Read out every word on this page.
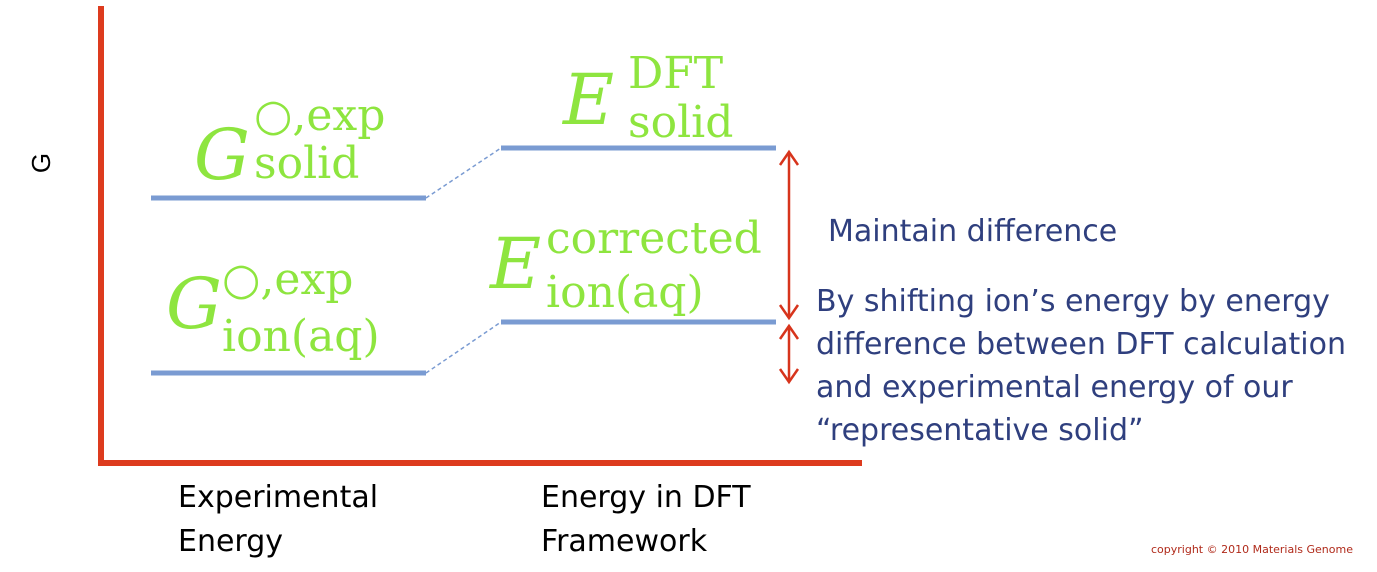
G ○,exp solid
G ○,exp ion(aq)
E DFT solid
E corrected ion(aq)
G
Experimental
Energy
Energy in DFT
Framework
Maintain difference
By shifting ion’s energy by energy
difference between DFT calculation
and experimental energy of our
“representative solid”
copyright © 2010 Materials Genome
